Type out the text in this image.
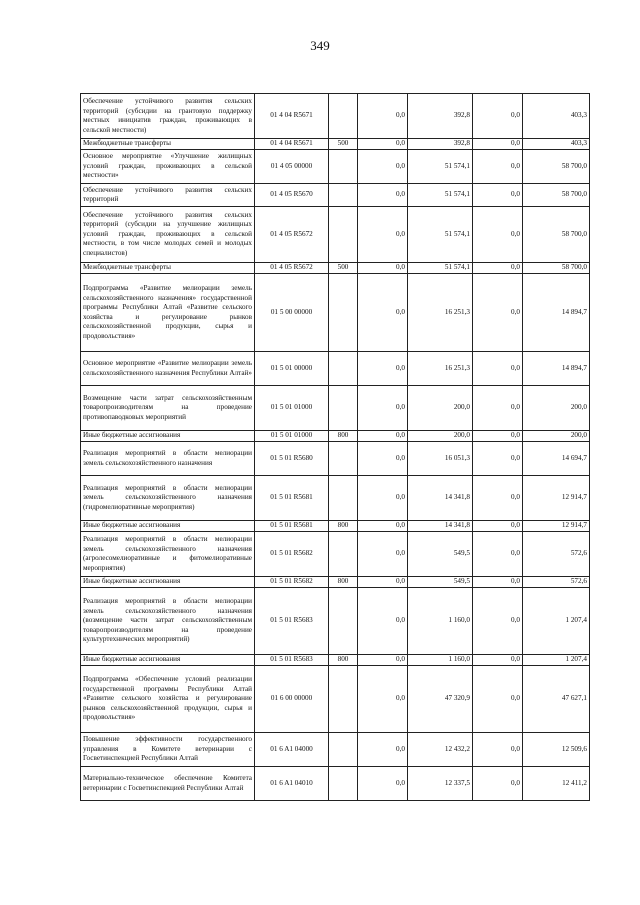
349
Обеспечение устойчивого развития сельских территорий (субсидии на грантовую поддержку местных инициатив граждан, проживающих в сельской местности)	01 4 04 R5671		0,0	392,8	0,0	403,3
Межбюджетные трансферты	01 4 04 R5671	500	0,0	392,8	0,0	403,3
Основное мероприятие «Улучшение жилищных условий граждан, проживающих в сельской местности»	01 4 05 00000		0,0	51 574,1	0,0	58 700,0
Обеспечение устойчивого развития сельских территорий	01 4 05 R5670		0,0	51 574,1	0,0	58 700,0
Обеспечение устойчивого развития сельских территорий (субсидии на улучшение жилищных условий граждан, проживающих в сельской местности, в том числе молодых семей и молодых специалистов)	01 4 05 R5672		0,0	51 574,1	0,0	58 700,0
Межбюджетные трансферты	01 4 05 R5672	500	0,0	51 574,1	0,0	58 700,0
Подпрограмма «Развитие мелиорации земель сельскохозяйственного назначения» государственной программы Республики Алтай «Развитие сельского хозяйства и регулирование рынков сельскохозяйственной продукции, сырья и продовольствия»	01 5 00 00000		0,0	16 251,3	0,0	14 894,7
Основное мероприятие «Развитие мелиорации земель сельскохозяйственного назначения Республики Алтай»	01 5 01 00000		0,0	16 251,3	0,0	14 894,7
Возмещение части затрат сельскохозяйственным товаропроизводителям на проведение противопаводковых мероприятий	01 5 01 01000		0,0	200,0	0,0	200,0
Иные бюджетные ассигнования	01 5 01 01000	800	0,0	200,0	0,0	200,0
Реализация мероприятий в области мелиорации земель сельскохозяйственного назначения	01 5 01 R5680		0,0	16 051,3	0,0	14 694,7
Реализация мероприятий в области мелиорации земель сельскохозяйственного назначения (гидромелиоративные мероприятия)	01 5 01 R5681		0,0	14 341,8	0,0	12 914,7
Иные бюджетные ассигнования	01 5 01 R5681	800	0,0	14 341,8	0,0	12 914,7
Реализация мероприятий в области мелиорации земель сельскохозяйственного назначения (агролесомелиоративные и фитомелиоративные мероприятия)	01 5 01 R5682		0,0	549,5	0,0	572,6
Иные бюджетные ассигнования	01 5 01 R5682	800	0,0	549,5	0,0	572,6
Реализация мероприятий в области мелиорации земель сельскохозяйственного назначения (возмещение части затрат сельскохозяйственным товаропроизводителям на проведение культуртехнических мероприятий)	01 5 01 R5683		0,0	1 160,0	0,0	1 207,4
Иные бюджетные ассигнования	01 5 01 R5683	800	0,0	1 160,0	0,0	1 207,4
Подпрограмма «Обеспечение условий реализации государственной программы Республики Алтай «Развитие сельского хозяйства и регулирование рынков сельскохозяйственной продукции, сырья и продовольствия»	01 6 00 00000		0,0	47 320,9	0,0	47 627,1
Повышение эффективности государственного управления в Комитете ветеринарии с Госветинспекцией Республики Алтай	01 6 A1 04000		0,0	12 432,2	0,0	12 509,6
Материально-техническое обеспечение Комитета ветеринарии с Госветинспекцией Республики Алтай	01 6 A1 04010		0,0	12 337,5	0,0	12 411,2
